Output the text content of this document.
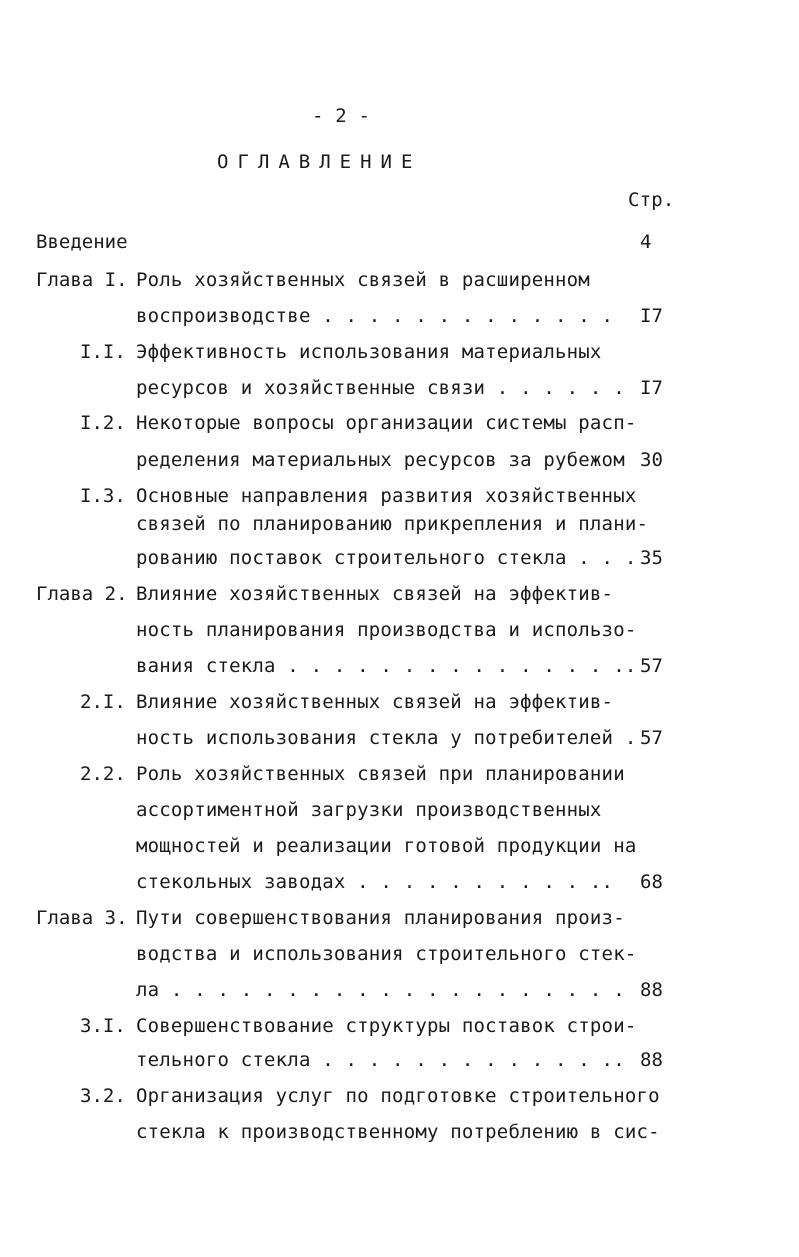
- 2 -
ОГЛАВЛЕНИЕ
Стр.
Введение	4
Глава I. Роль хозяйственных связей в расширенном
воспроизводстве . . . . . . . . . . . . . I7
I.I. Эффективность использования материальных
ресурсов и хозяйственные связи . . . . . . I7
I.2. Некоторые вопросы организации системы расп-
ределения материальных ресурсов за рубежом 30
I.3. Основные направления развития хозяйственных
связей по планированию прикрепления и плани-
рованию поставок строительного стекла . . . 35
Глава 2. Влияние хозяйственных связей на эффектив-
ность планирования производства и использо-
вания стекла . . . . . . . . . . . . . . .. 57
2.I. Влияние хозяйственных связей на эффектив-
ность использования стекла у потребителей . 57
2.2. Роль хозяйственных связей при планировании
ассортиментной загрузки производственных
мощностей и реализации готовой продукции на
стекольных заводах . . . . . . . . . . .. 68
Глава 3. Пути совершенствования планирования произ-
водства и использования строительного стек-
ла . . . . . . . . . . . . . . . . . . . . 88
3.I. Совершенствование структуры поставок строи-
тельного стекла . . . . . . . . . . . . .. 88
3.2. Организация услуг по подготовке строительного
стекла к производственному потреблению в сис-
